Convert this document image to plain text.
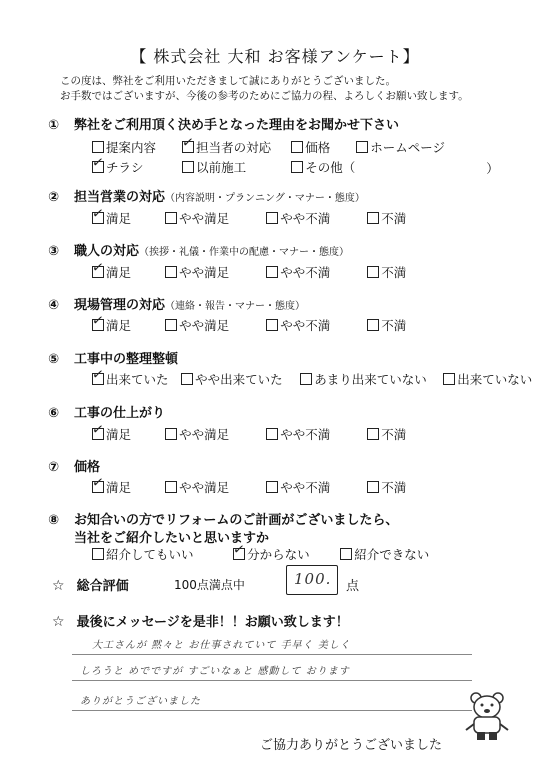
【 株式会社 大和 お客様アンケート】
この度は、弊社をご利用いただきまして誠にありがとうございました。
お手数ではございますが、今後の参考のためにご協力の程、よろしくお願い致します。
① 弊社をご利用頂く決め手となった理由をお聞かせ下さい
提案内容
✓ 担当者の対応
	価格
	ホームページ
✓ チラシ
	以前施工
	その他（	）
② 担当営業の対応（内容説明・プランニング・マナー・態度）
✓ 満足
	やや満足
	やや不満
	不満
③ 職人の対応（挨拶・礼儀・作業中の配慮・マナー・態度）
✓ 満足
	やや満足
	やや不満
	不満
④ 現場管理の対応（連絡・報告・マナー・態度）
✓ 満足
	やや満足
	やや不満
	不満
⑤ 工事中の整理整頓
✓ 出来ていた
やや出来ていた
	あまり出来ていない
出来ていない
⑥ 工事の仕上がり
✓ 満足
	やや満足
	やや不満
	不満
⑦ 価格
✓ 満足
	やや満足
	やや不満
	不満
⑧ お知合いの方でリフォームのご計画がございましたら、
当社をご紹介したいと思いますか
紹介してもいい
	✓ 分からない
	紹介できない
☆ 総合評価	100点満点中	100. 点
☆ 最後にメッセージを是非！！お願い致します！
大工さんが 黙々と お仕事されていて 手早く 美しく
しろうと めでですが すごいなぁと 感動して おります
ありがとうございました
ご協力ありがとうございました
